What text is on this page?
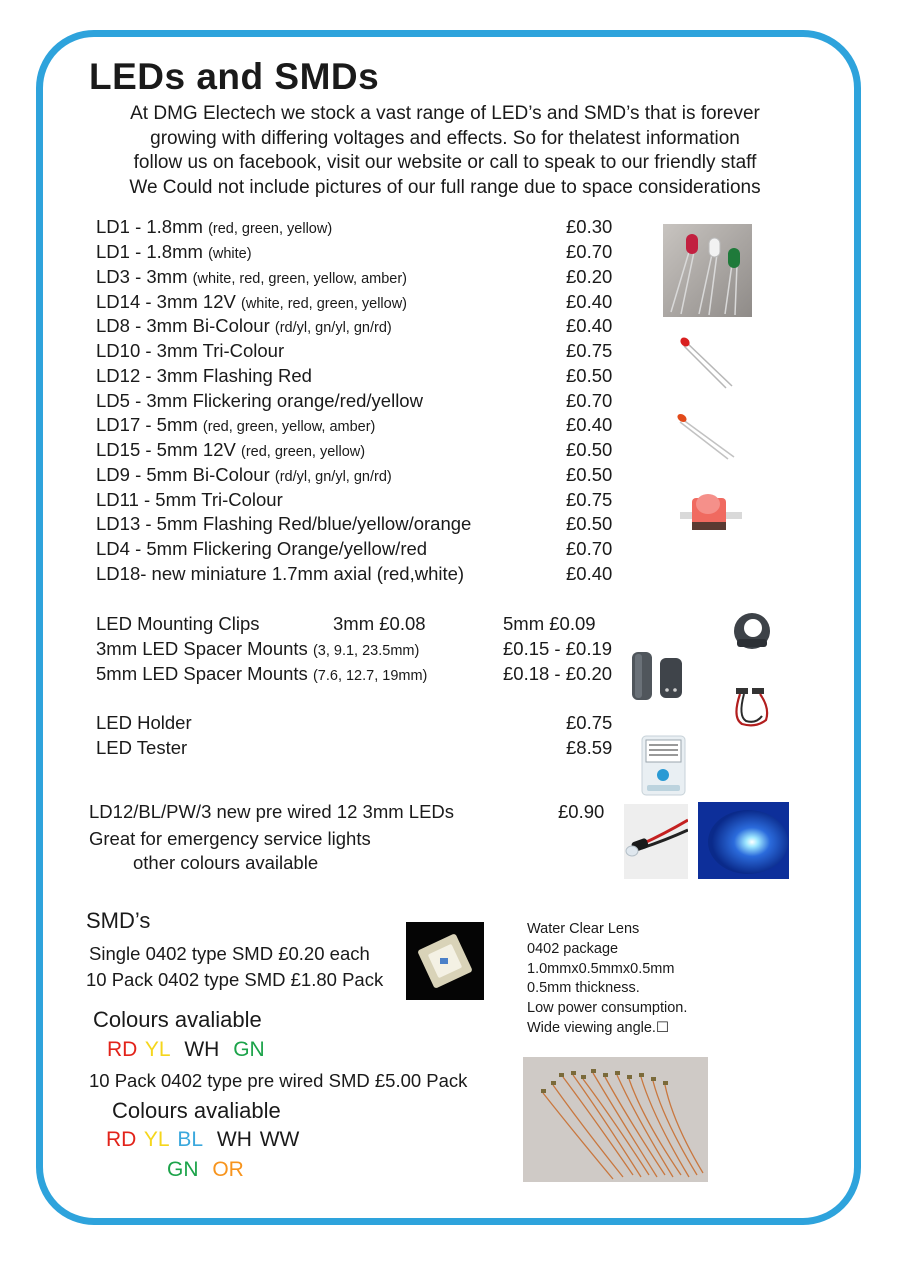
LEDs and SMDs
At DMG Electech we stock a vast range of LED’s and SMD’s that is forever
growing with differing voltages and effects. So for thelatest information
follow us on facebook, visit our website or call to speak to our friendly staff
We Could not include pictures of our full range due to space considerations
LD1 - 1.8mm (red, green, yellow)	£0.30
LD1 - 1.8mm (white)	£0.70
LD3 - 3mm (white, red, green, yellow, amber)	£0.20
LD14 - 3mm 12V (white, red, green, yellow)	£0.40
LD8 - 3mm Bi-Colour (rd/yl, gn/yl, gn/rd)	£0.40
LD10 - 3mm Tri-Colour	£0.75
LD12 - 3mm Flashing Red	£0.50
LD5 - 3mm Flickering orange/red/yellow	£0.70
LD17 - 5mm (red, green, yellow, amber)	£0.40
LD15 - 5mm 12V (red, green, yellow)	£0.50
LD9 - 5mm Bi-Colour (rd/yl, gn/yl, gn/rd)	£0.50
LD11 - 5mm Tri-Colour	£0.75
LD13 - 5mm Flashing Red/blue/yellow/orange	£0.50
LD4 - 5mm Flickering Orange/yellow/red	£0.70
LD18- new miniature 1.7mm axial (red,white)	£0.40
LED Mounting Clips	3mm £0.08	5mm £0.09
3mm LED Spacer Mounts (3, 9.1, 23.5mm)	£0.15 - £0.19
5mm LED Spacer Mounts (7.6, 12.7, 19mm)	£0.18 - £0.20
LED Holder	£0.75
LED Tester	£8.59
LD12/BL/PW/3 new pre wired 12 3mm LEDs	£0.90
Great for emergency service lights
other colours available
SMD’s
Single 0402 type SMD £0.20 each
10 Pack 0402 type SMD £1.80 Pack
Colours avaliable
RD YL WH GN
10 Pack 0402 type pre wired SMD £5.00 Pack
Colours avaliable
RD YL BL WH WW
GN OR
Water Clear Lens
0402 package
1.0mmx0.5mmx0.5mm
0.5mm thickness.
Low power consumption.
Wide viewing angle.☐
